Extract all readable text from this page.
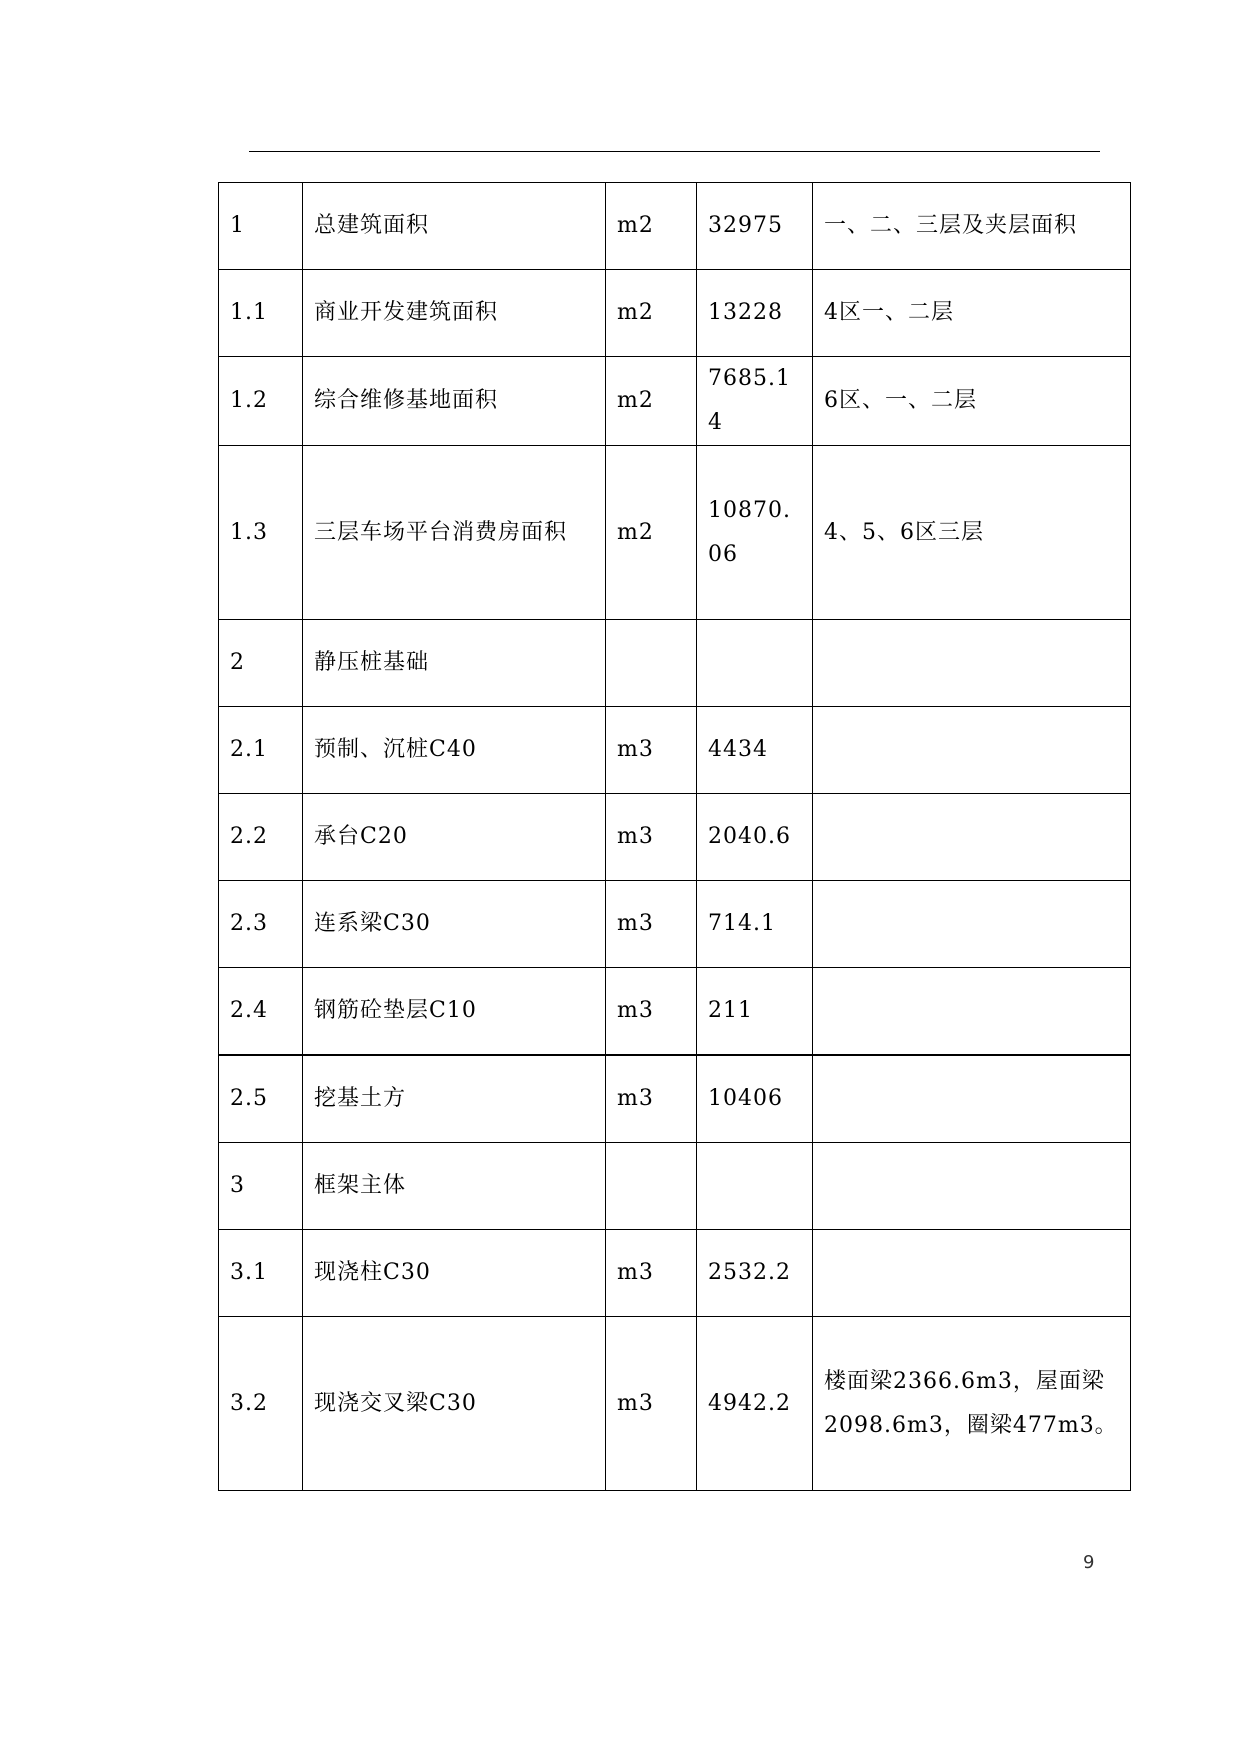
1	总建筑面积	m2	32975	一、二、三层及夹层面积
1.1	商业开发建筑面积	m2	13228	4区一、二层
1.2	综合维修基地面积	m2	7685.14	6区、一、二层
1.3	三层车场平台消费房面积	m2	10870.06	4、5、6区三层
2	静压桩基础			
2.1	预制、沉桩C40	m3	4434	
2.2	承台C20	m3	2040.6	
2.3	连系梁C30	m3	714.1	
2.4	钢筋砼垫层C10	m3	211	
2.5	挖基土方	m3	10406	
3	框架主体			
3.1	现浇柱C30	m3	2532.2	
3.2	现浇交叉梁C30	m3	4942.2	楼面梁2366.6m3，屋面梁2098.6m3，圈梁477m3。
9
